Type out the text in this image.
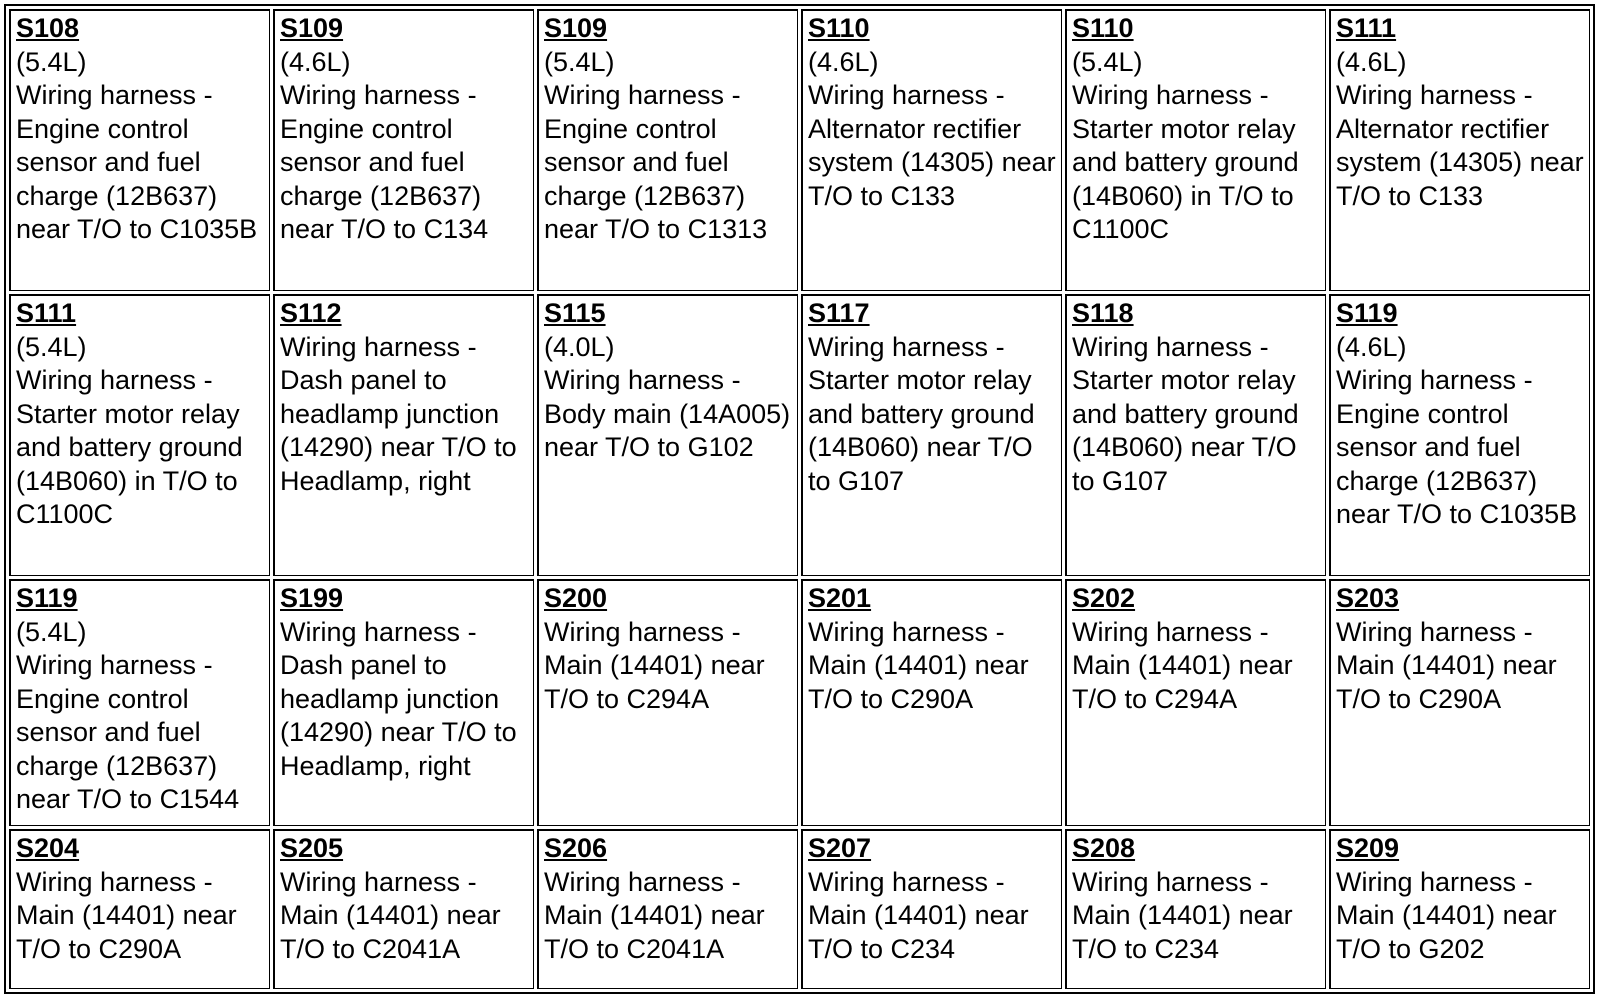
S108
(5.4L)
Wiring harness - Engine control sensor and fuel charge (12B637) near T/O to C1035B
S109
(4.6L)
Wiring harness - Engine control sensor and fuel charge (12B637) near T/O to C134
S109
(5.4L)
Wiring harness - Engine control sensor and fuel charge (12B637) near T/O to C1313
S110
(4.6L)
Wiring harness - Alternator rectifier system (14305) near T/O to C133
S110
(5.4L)
Wiring harness - Starter motor relay and battery ground (14B060) in T/O to C1100C
S111
(4.6L)
Wiring harness - Alternator rectifier system (14305) near T/O to C133
S111
(5.4L)
Wiring harness - Starter motor relay and battery ground (14B060) in T/O to C1100C
S112
Wiring harness - Dash panel to headlamp junction (14290) near T/O to Headlamp, right
S115
(4.0L)
Wiring harness - Body main (14A005) near T/O to G102
S117
Wiring harness - Starter motor relay and battery ground (14B060) near T/O to G107
S118
Wiring harness - Starter motor relay and battery ground (14B060) near T/O to G107
S119
(4.6L)
Wiring harness - Engine control sensor and fuel charge (12B637) near T/O to C1035B
S119
(5.4L)
Wiring harness - Engine control sensor and fuel charge (12B637) near T/O to C1544
S199
Wiring harness - Dash panel to headlamp junction (14290) near T/O to Headlamp, right
S200
Wiring harness - Main (14401) near T/O to C294A
S201
Wiring harness - Main (14401) near T/O to C290A
S202
Wiring harness - Main (14401) near T/O to C294A
S203
Wiring harness - Main (14401) near T/O to C290A
S204
Wiring harness - Main (14401) near T/O to C290A
S205
Wiring harness - Main (14401) near T/O to C2041A
S206
Wiring harness - Main (14401) near T/O to C2041A
S207
Wiring harness - Main (14401) near T/O to C234
S208
Wiring harness - Main (14401) near T/O to C234
S209
Wiring harness - Main (14401) near T/O to G202
